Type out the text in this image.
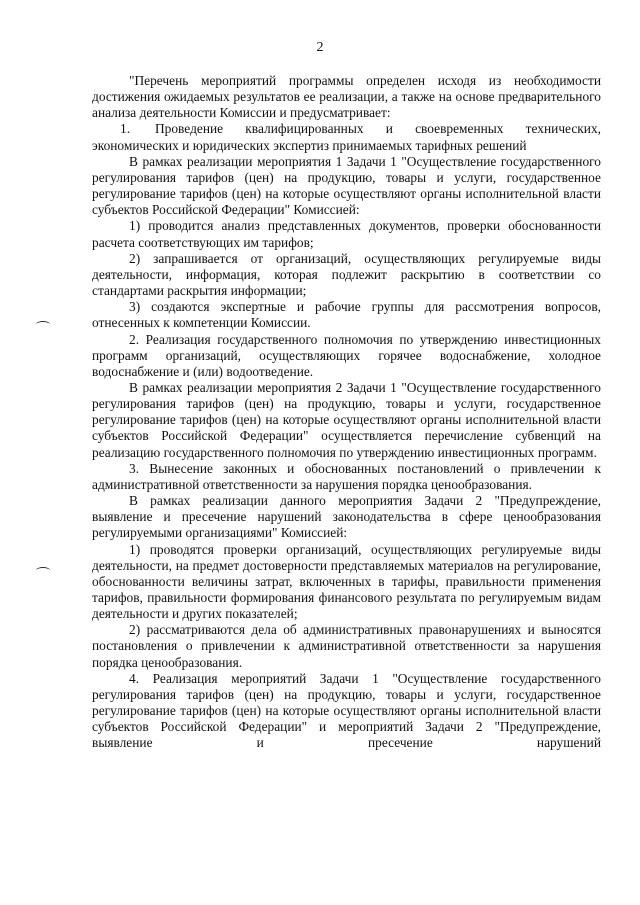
2

"Перечень мероприятий программы определен исходя из необходимости достижения ожидаемых результатов ее реализации, а также на основе предварительного анализа деятельности Комиссии и предусматривает:

1. Проведение квалифицированных и своевременных технических, экономических и юридических экспертиз принимаемых тарифных решений

В рамках реализации мероприятия 1 Задачи 1 "Осуществление государственного регулирования тарифов (цен) на продукцию, товары и услуги, государственное регулирование тарифов (цен) на которые осуществляют органы исполнительной власти субъектов Российской Федерации" Комиссией:

1) проводится анализ представленных документов, проверки обоснованности расчета соответствующих им тарифов;

2) запрашивается от организаций, осуществляющих регулируемые виды деятельности, информация, которая подлежит раскрытию в соответствии со стандартами раскрытия информации;

3) создаются экспертные и рабочие группы для рассмотрения вопросов, отнесенных к компетенции Комиссии.

2. Реализация государственного полномочия по утверждению инвестиционных программ организаций, осуществляющих горячее водоснабжение, холодное водоснабжение и (или) водоотведение.

В рамках реализации мероприятия 2 Задачи 1 "Осуществление государственного регулирования тарифов (цен) на продукцию, товары и услуги, государственное регулирование тарифов (цен) на которые осуществляют органы исполнительной власти субъектов Российской Федерации" осуществляется перечисление субвенций на реализацию государственного полномочия по утверждению инвестиционных программ.

3. Вынесение законных и обоснованных постановлений о привлечении к административной ответственности за нарушения порядка ценообразования.

В рамках реализации данного мероприятия Задачи 2 "Предупреждение, выявление и пресечение нарушений законодательства в сфере ценообразования регулируемыми организациями" Комиссией:

1) проводятся проверки организаций, осуществляющих регулируемые виды деятельности, на предмет достоверности представляемых материалов на регулирование, обоснованности величины затрат, включенных в тарифы, правильности применения тарифов, правильности формирования финансового результата по регулируемым видам деятельности и других показателей;

2) рассматриваются дела об административных правонарушениях и выносятся постановления о привлечении к административной ответственности за нарушения порядка ценообразования.

4. Реализация мероприятий Задачи 1 "Осуществление государственного регулирования тарифов (цен) на продукцию, товары и услуги, государственное регулирование тарифов (цен) на которые осуществляют органы исполнительной власти субъектов Российской Федерации" и мероприятий Задачи 2 "Предупреждение, выявление и пресечение нарушений
